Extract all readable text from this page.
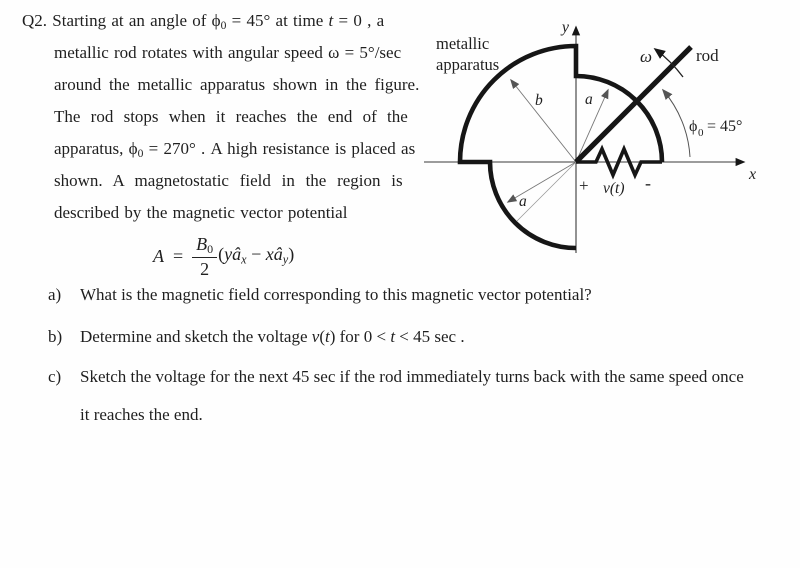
Q2. Starting at an angle of ϕ0 = 45° at time t = 0 , a
metallic rod rotates with angular speed ω = 5°/sec
around the metallic apparatus shown in the figure.
The rod stops when it reaches the end of the
apparatus, ϕ0 = 270° . A high resistance is placed as
shown. A magnetostatic field in the region is
described by the magnetic vector potential
$A = \frac{B0}{2}$ (yâx − xây)
a) What is the magnetic field corresponding to this magnetic vector potential?
b) Determine and sketch the voltage v(t) for 0 < t < 45 sec .
c) Sketch the voltage for the next 45 sec if the rod immediately turns back with the same speed once
it reaches the end.
x
y
a
b
a
+ v(t) -
rod
ω
ϕ 0 = 45°
metallic
apparatus
